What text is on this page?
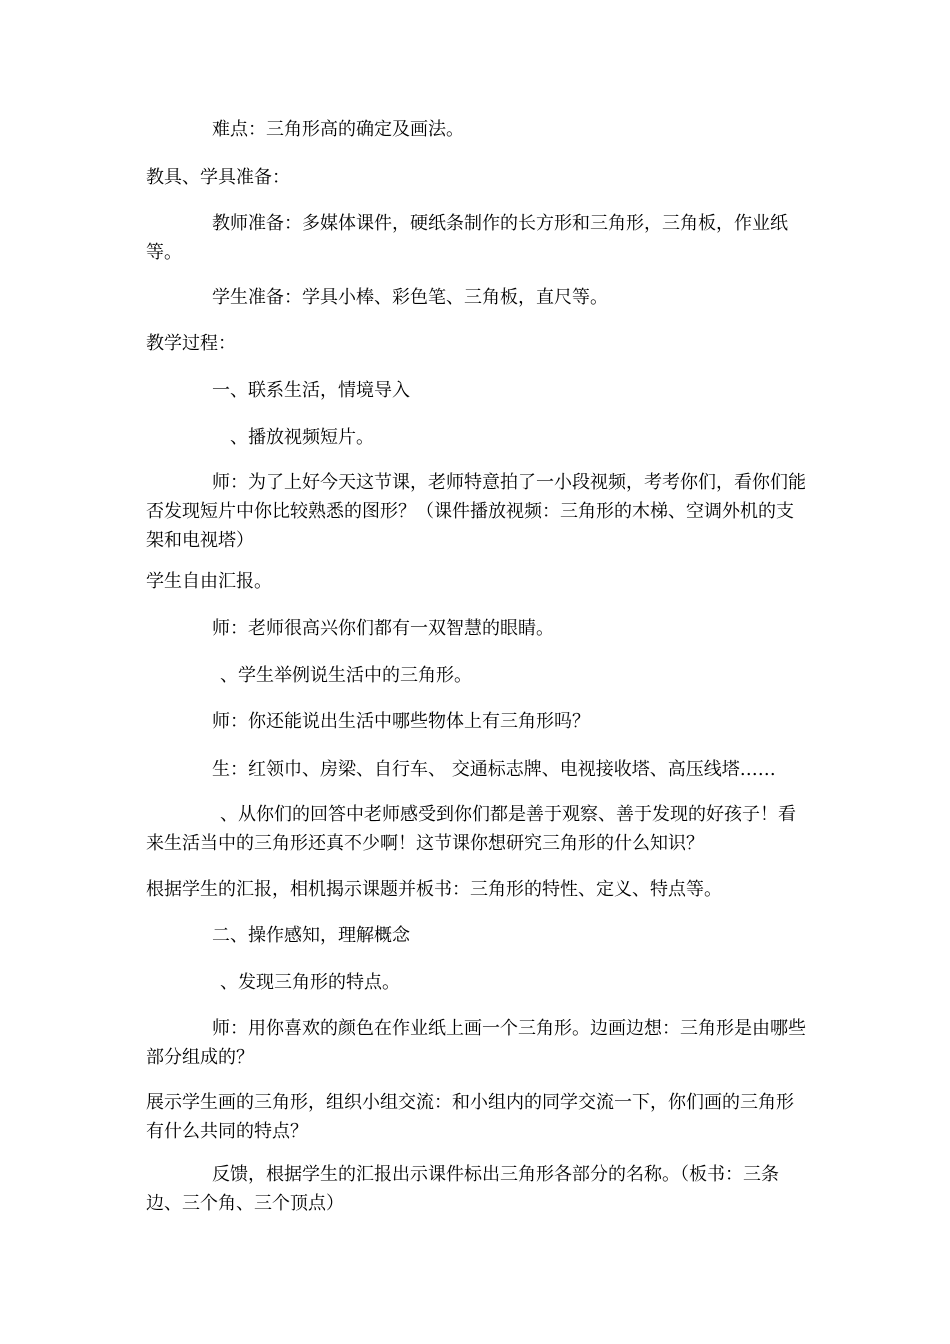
难点：三角形高的确定及画法。

教具、学具准备：

教师准备：多媒体课件，硬纸条制作的长方形和三角形，三角板，作业纸等。

学生准备：学具小棒、彩色笔、三角板，直尺等。

教学过程：

一、联系生活，情境导入

、播放视频短片。

师：为了上好今天这节课，老师特意拍了一小段视频，考考你们，看你们能否发现短片中你比较熟悉的图形？（课件播放视频：三角形的木梯、空调外机的支架和电视塔）

学生自由汇报。

师：老师很高兴你们都有一双智慧的眼睛。

、学生举例说生活中的三角形。

师：你还能说出生活中哪些物体上有三角形吗？

生：红领巾、房梁、自行车、 交通标志牌、电视接收塔、高压线塔……

、从你们的回答中老师感受到你们都是善于观察、善于发现的好孩子！看来生活当中的三角形还真不少啊！这节课你想研究三角形的什么知识？

根据学生的汇报，相机揭示课题并板书：三角形的特性、定义、特点等。

二、操作感知，理解概念

、发现三角形的特点。

师：用你喜欢的颜色在作业纸上画一个三角形。边画边想：三角形是由哪些部分组成的？

展示学生画的三角形，组织小组交流：和小组内的同学交流一下，你们画的三角形有什么共同的特点？

反馈，根据学生的汇报出示课件标出三角形各部分的名称。（板书：三条边、三个角、三个顶点）
